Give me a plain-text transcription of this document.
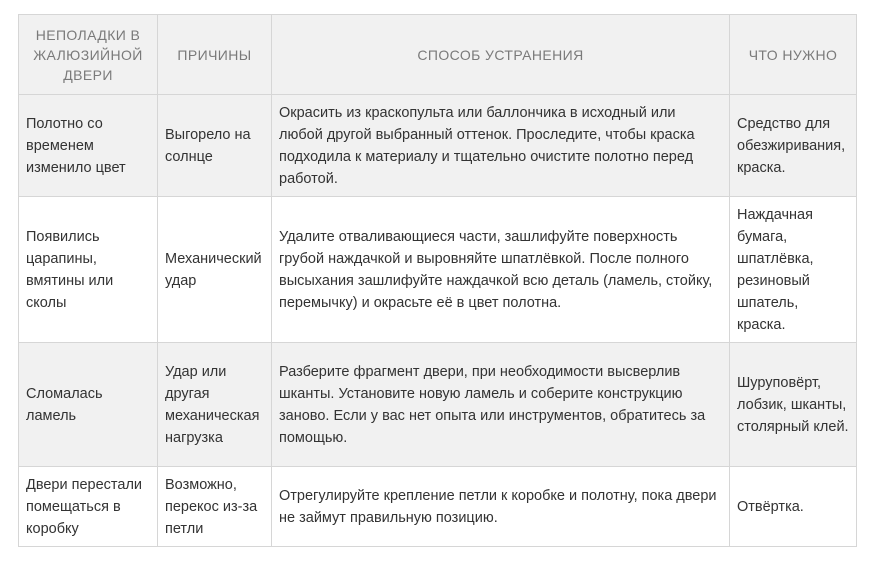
НЕПОЛАДКИ В ЖАЛЮЗИЙНОЙ ДВЕРИ	ПРИЧИНЫ	СПОСОБ УСТРАНЕНИЯ	ЧТО НУЖНО
Полотно со временем изменило цвет	Выгорело на солнце	Окрасить из краскопульта или баллончика в исходный или любой другой выбранный оттенок. Проследите, чтобы краска подходила к материалу и тщательно очистите полотно перед работой.	Средство для обезжиривания, краска.
Появились царапины, вмятины или сколы	Механический удар	Удалите отваливающиеся части, зашлифуйте поверхность грубой наждачкой и выровняйте шпатлёвкой. После полного высыхания зашлифуйте наждачкой всю деталь (ламель, стойку, перемычку) и окрасьте её в цвет полотна.	Наждачная бумага, шпатлёвка, резиновый шпатель, краска.
Сломалась ламель	Удар или другая механическая нагрузка	Разберите фрагмент двери, при необходимости высверлив шканты. Установите новую ламель и соберите конструкцию заново. Если у вас нет опыта или инструментов, обратитесь за помощью.	Шуруповёрт, лобзик, шканты, столярный клей.
Двери перестали помещаться в коробку	Возможно, перекос из-за петли	Отрегулируйте крепление петли к коробке и полотну, пока двери не займут правильную позицию.	Отвёртка.
